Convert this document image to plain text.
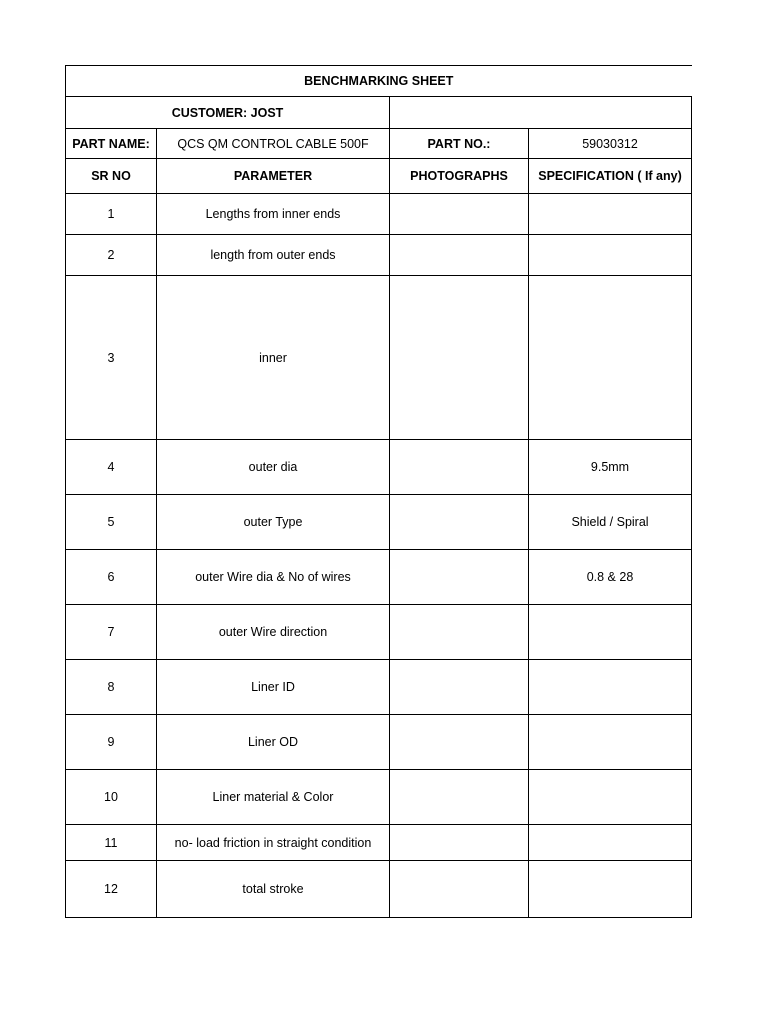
BENCHMARKING SHEET			
CUSTOMER: JOST			
PART NAME:	QCS QM CONTROL CABLE 500F	PART NO.:	59030312
SR NO	PARAMETER	PHOTOGRAPHS	SPECIFICATION ( If any)
1	Lengths from inner ends		
2	length from outer ends		
3	inner		
4	outer dia		9.5mm
5	outer Type		Shield / Spiral
6	outer Wire dia & No of wires		0.8 & 28
7	outer Wire direction		
8	Liner ID		
9	Liner OD		
10	Liner material & Color		
11	no- load friction in straight condition		
12	total stroke		
